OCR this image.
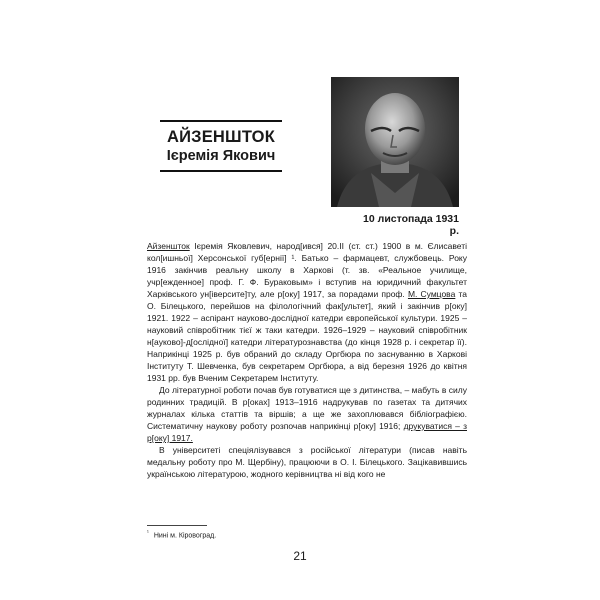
АЙЗЕНШТОК
Ієремія Якович
10 листопада 1931 р.

Айзеншток Ієремія Яковлевич, народ[ився] 20.ІІ (ст. ст.) 1900 в м. Єлисаветі кол[ишньої] Херсонської губ[ернії] ¹. Батько – фармацевт, службовець. Року 1916 закінчив реальну школу в Харкові (т. зв. «Реальное училище, учр[ежденное] проф. Г. Ф. Бураковым» і вступив на юридичний факультет Харківського ун[іверсите]ту, але р[оку] 1917, за порадами проф. М. Сумцова та О. Білецького, перейшов на філологічний фак[ультет], який і закінчив р[оку] 1921. 1922 – аспірант науково-дослідної катедри європейської культури. 1925 – науковий співробітник тієї ж таки катедри. 1926–1929 – науковий співробітник н[ауково]-д[ослідної] катедри літературознавства (до кінця 1928 р. і секретар її). Наприкінці 1925 р. був обраний до складу Оргбюра по заснуванню в Харкові Інституту Т. Шевченка, був секретарем Оргбюра, а від березня 1926 до квітня 1931 рр. був Вченим Секретарем Інституту.

До літературної роботи почав був готуватися ще з дитинства, – мабуть в силу родинних традицій. В р[оках] 1913–1916 надрукував по газетах та дитячих журналах кілька статтів та віршів; а ще же захоплювався бібліографією. Систематичну наукову роботу розпочав наприкінці р[оку] 1916; друкуватися – з р[оку] 1917.

В університеті спеціялізувався з російської літератури (писав навіть медальну роботу про М. Щербіну), працюючи в О. І. Білецького. Зацікавившись українською літературою, жодного керівництва ні від кого не

$^{^1}$ Нині м. Кіровоград.
21
